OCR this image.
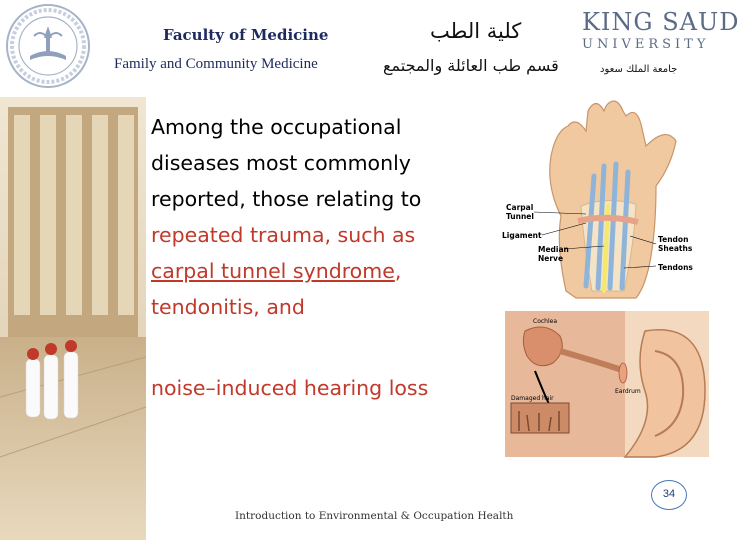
Faculty of Medicine
Family and Community Medicine
كلية الطب
قسم طب العائلة والمجتمع
KING SAUD
UNIVERSITY
جامعة الملك سعود
Among the occupational diseases most commonly reported, those relating to repeated trauma, such as carpal tunnel syndrome, tendonitis, and
noise–induced hearing loss
Carpal
Tunnel
Ligament
Median
Nerve
Tendon
Sheaths
Tendons
Cochlea
Eardrum
Damaged hair
Introduction to Environmental & Occupation Health
34
